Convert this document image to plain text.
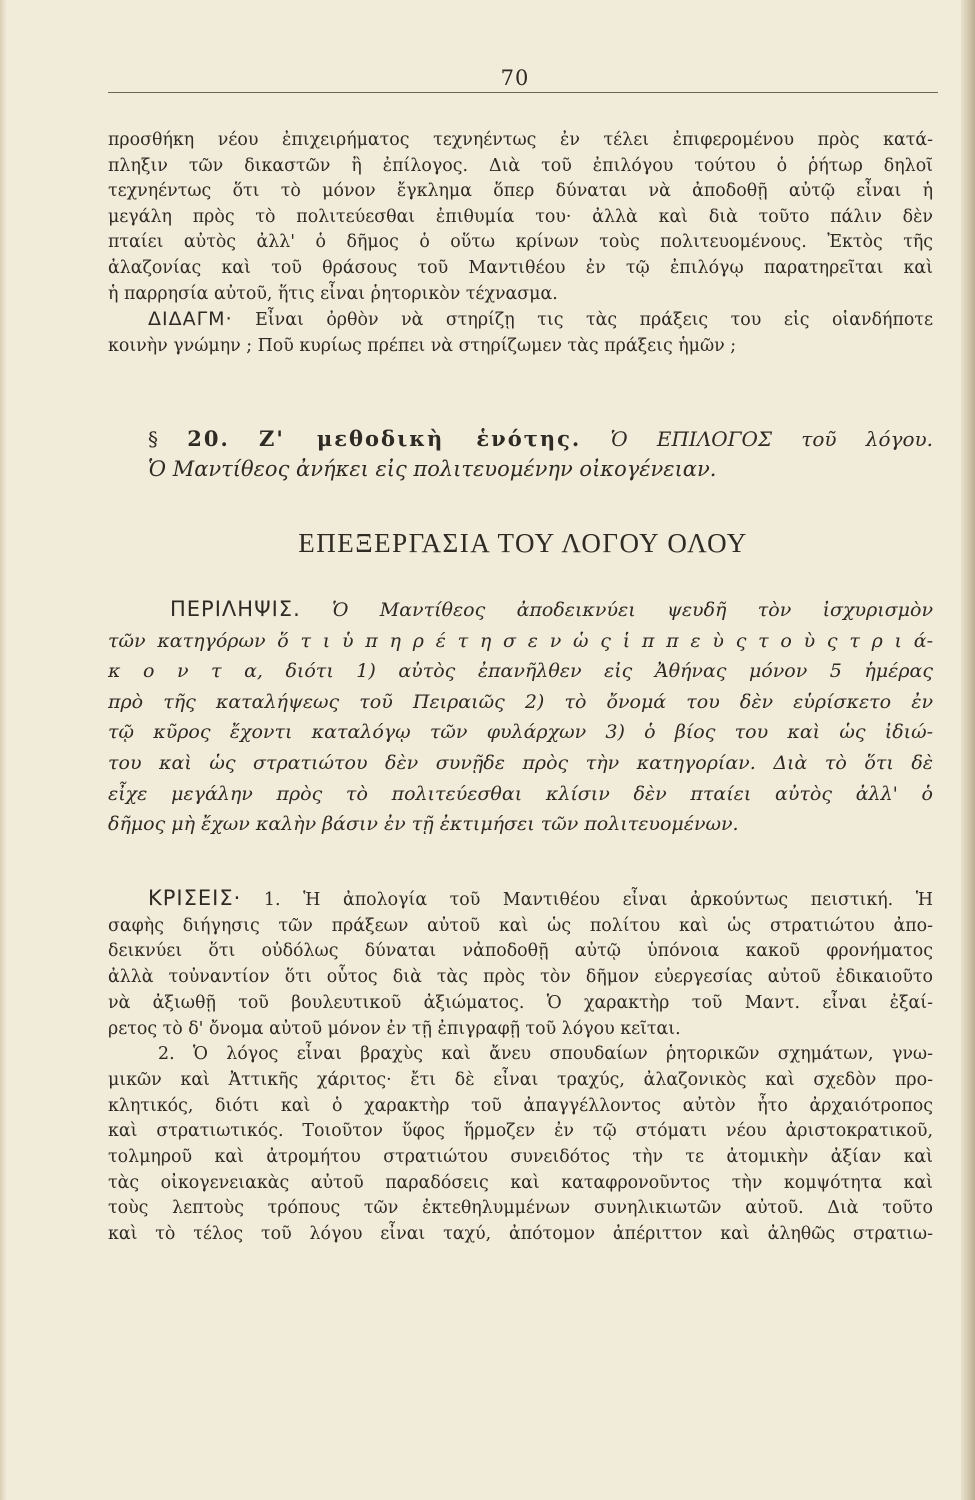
70
προσθήκη νέου ἐπιχειρήματος τεχνηέντως ἐν τέλει ἐπιφερομένου πρὸς κατά-
πληξιν τῶν δικαστῶν ἢ ἐπίλογος. Διὰ τοῦ ἐπιλόγου τούτου ὁ ῥήτωρ δηλοῖ
τεχνηέντως ὅτι τὸ μόνον ἔγκλημα ὅπερ δύναται νὰ ἀποδοθῇ αὐτῷ εἶναι ἡ
μεγάλη πρὸς τὸ πολιτεύεσθαι ἐπιθυμία του· ἀλλὰ καὶ διὰ τοῦτο πάλιν δὲν
πταίει αὐτὸς ἀλλ' ὁ δῆμος ὁ οὕτω κρίνων τοὺς πολιτευομένους. Ἐκτὸς τῆς
ἀλαζονίας καὶ τοῦ θράσους τοῦ Μαντιθέου ἐν τῷ ἐπιλόγῳ παρατηρεῖται καὶ
ἡ παρρησία αὐτοῦ, ἥτις εἶναι ῥητορικὸν τέχνασμα.
ΔΙΔΑΓΜ· Εἶναι ὀρθὸν νὰ στηρίζῃ τις τὰς πράξεις του εἰς οἱανδήποτε
κοινὴν γνώμην ; Ποῦ κυρίως πρέπει νὰ στηρίζωμεν τὰς πράξεις ἡμῶν ;
§ 20. Ζ' μεθοδικὴ ἑνότης. Ὁ ΕΠΙΛΟΓΟΣ τοῦ λόγου.
Ὁ Μαντίθεος ἀνήκει εἰς πολιτευομένην οἰκογένειαν.
ΕΠΕΞΕΡΓΑΣΙΑ ΤΟΥ ΛΟΓΟΥ ΟΛΟΥ
ΠΕΡΙΛΗΨΙΣ. Ὁ Μαντίθεος ἀποδεικνύει ψευδῆ τὸν ἰσχυρισμὸν
τῶν κατηγόρων ὅ τ ι ὑ π η ρ έ τ η σ ε ν ὡ ς ἱ π π ε ὺ ς τ ο ὺ ς τ ρ ι ά-
κ ο ν τ α, διότι 1) αὐτὸς ἐπανῆλθεν εἰς Ἀθήνας μόνον 5 ἡμέρας
πρὸ τῆς καταλήψεως τοῦ Πειραιῶς 2) τὸ ὄνομά του δὲν εὑρίσκετο ἐν
τῷ κῦρος ἔχοντι καταλόγῳ τῶν φυλάρχων 3) ὁ βίος του καὶ ὡς ἰδιώ-
του καὶ ὡς στρατιώτου δὲν συνῇδε πρὸς τὴν κατηγορίαν. Διὰ τὸ ὅτι δὲ
εἶχε μεγάλην πρὸς τὸ πολιτεύεσθαι κλίσιν δὲν πταίει αὐτὸς ἀλλ' ὁ
δῆμος μὴ ἔχων καλὴν βάσιν ἐν τῇ ἐκτιμήσει τῶν πολιτευομένων.
ΚΡΙΣΕΙΣ· 1. Ἡ ἀπολογία τοῦ Μαντιθέου εἶναι ἀρκούντως πειστική. Ἡ
σαφὴς διήγησις τῶν πράξεων αὐτοῦ καὶ ὡς πολίτου καὶ ὡς στρατιώτου ἀπο-
δεικνύει ὅτι οὐδόλως δύναται νἀποδοθῇ αὐτῷ ὑπόνοια κακοῦ φρονήματος
ἀλλὰ τοὐναντίον ὅτι οὗτος διὰ τὰς πρὸς τὸν δῆμον εὐεργεσίας αὐτοῦ ἐδικαιοῦτο
νὰ ἀξιωθῇ τοῦ βουλευτικοῦ ἀξιώματος. Ὁ χαρακτὴρ τοῦ Μαντ. εἶναι ἐξαί-
ρετος τὸ δ' ὄνομα αὐτοῦ μόνον ἐν τῇ ἐπιγραφῇ τοῦ λόγου κεῖται.
2. Ὁ λόγος εἶναι βραχὺς καὶ ἄνευ σπουδαίων ῥητορικῶν σχημάτων, γνω-
μικῶν καὶ Ἀττικῆς χάριτος· ἔτι δὲ εἶναι τραχύς, ἀλαζονικὸς καὶ σχεδὸν προ-
κλητικός, διότι καὶ ὁ χαρακτὴρ τοῦ ἀπαγγέλλοντος αὐτὸν ἦτο ἀρχαιότροπος
καὶ στρατιωτικός. Τοιοῦτον ὕφος ἥρμοζεν ἐν τῷ στόματι νέου ἀριστοκρατικοῦ,
τολμηροῦ καὶ ἀτρομήτου στρατιώτου συνειδότος τὴν τε ἀτομικὴν ἀξίαν καὶ
τὰς οἰκογενειακὰς αὐτοῦ παραδόσεις καὶ καταφρονοῦντος τὴν κομψότητα καὶ
τοὺς λεπτοὺς τρόπους τῶν ἐκτεθηλυμμένων συνηλικιωτῶν αὐτοῦ. Διὰ τοῦτο
καὶ τὸ τέλος τοῦ λόγου εἶναι ταχύ, ἀπότομον ἀπέριττον καὶ ἀληθῶς στρατιω-
